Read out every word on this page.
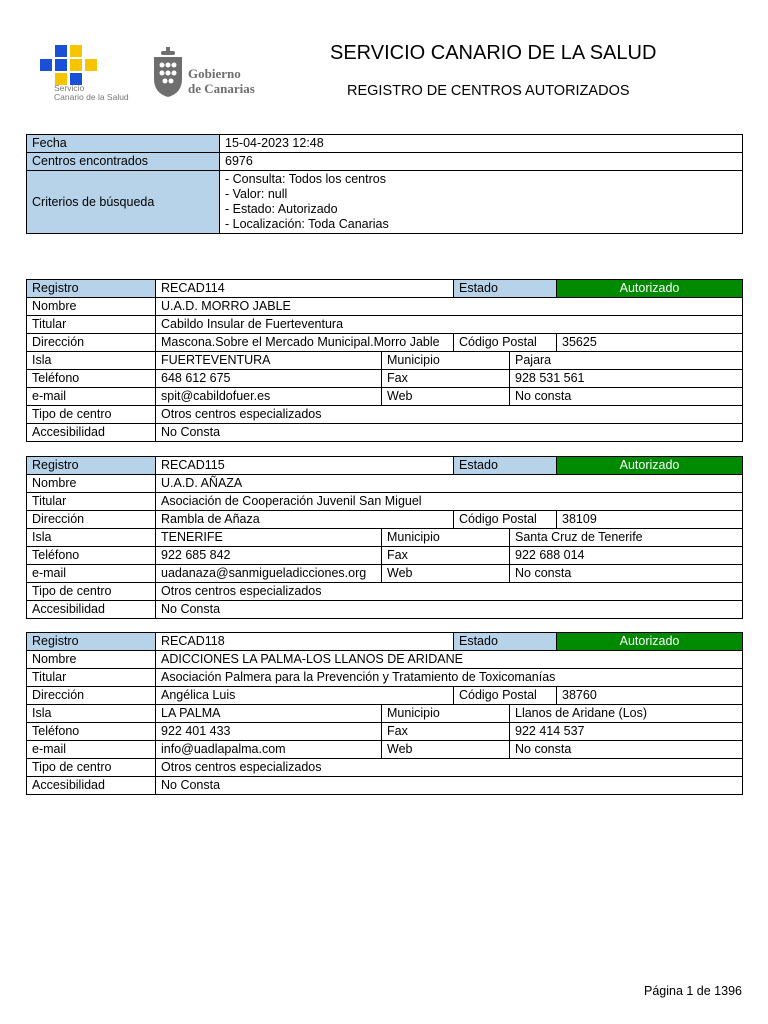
Servicio
Canario de la Salud
Gobierno
de Canarias
SERVICIO CANARIO DE LA SALUD
REGISTRO DE CENTROS AUTORIZADOS
Fecha	15-04-2023 12:48
Centros encontrados	6976
Criterios de búsqueda	- Consulta: Todos los centros
- Valor: null
- Estado: Autorizado
- Localización: Toda Canarias
Registro	RECAD114		Estado		Autorizado
Nombre	U.A.D. MORRO JABLE				
Titular	Cabildo Insular de Fuerteventura				
Dirección	Mascona.Sobre el Mercado Municipal.Morro Jable		Código Postal		35625
Isla	FUERTEVENTURA	Municipio		Pajara	
Teléfono	648 612 675	Fax		928 531 561	
e-mail	spit@cabildofuer.es	Web		No consta	
Tipo de centro	Otros centros especializados				
Accesibilidad	No Consta				
Registro	RECAD115		Estado		Autorizado
Nombre	U.A.D. AÑAZA				
Titular	Asociación de Cooperación Juvenil San Miguel				
Dirección	Rambla de Añaza		Código Postal		38109
Isla	TENERIFE	Municipio		Santa Cruz de Tenerife	
Teléfono	922 685 842	Fax		922 688 014	
e-mail	uadanaza@sanmigueladicciones.org	Web		No consta	
Tipo de centro	Otros centros especializados				
Accesibilidad	No Consta				
Registro	RECAD118		Estado		Autorizado
Nombre	ADICCIONES LA PALMA-LOS LLANOS DE ARIDANE				
Titular	Asociación Palmera para la Prevención y Tratamiento de Toxicomanías				
Dirección	Angélica Luis		Código Postal		38760
Isla	LA PALMA	Municipio		Llanos de Aridane (Los)	
Teléfono	922 401 433	Fax		922 414 537	
e-mail	info@uadlapalma.com	Web		No consta	
Tipo de centro	Otros centros especializados				
Accesibilidad	No Consta				
Página 1 de 1396
